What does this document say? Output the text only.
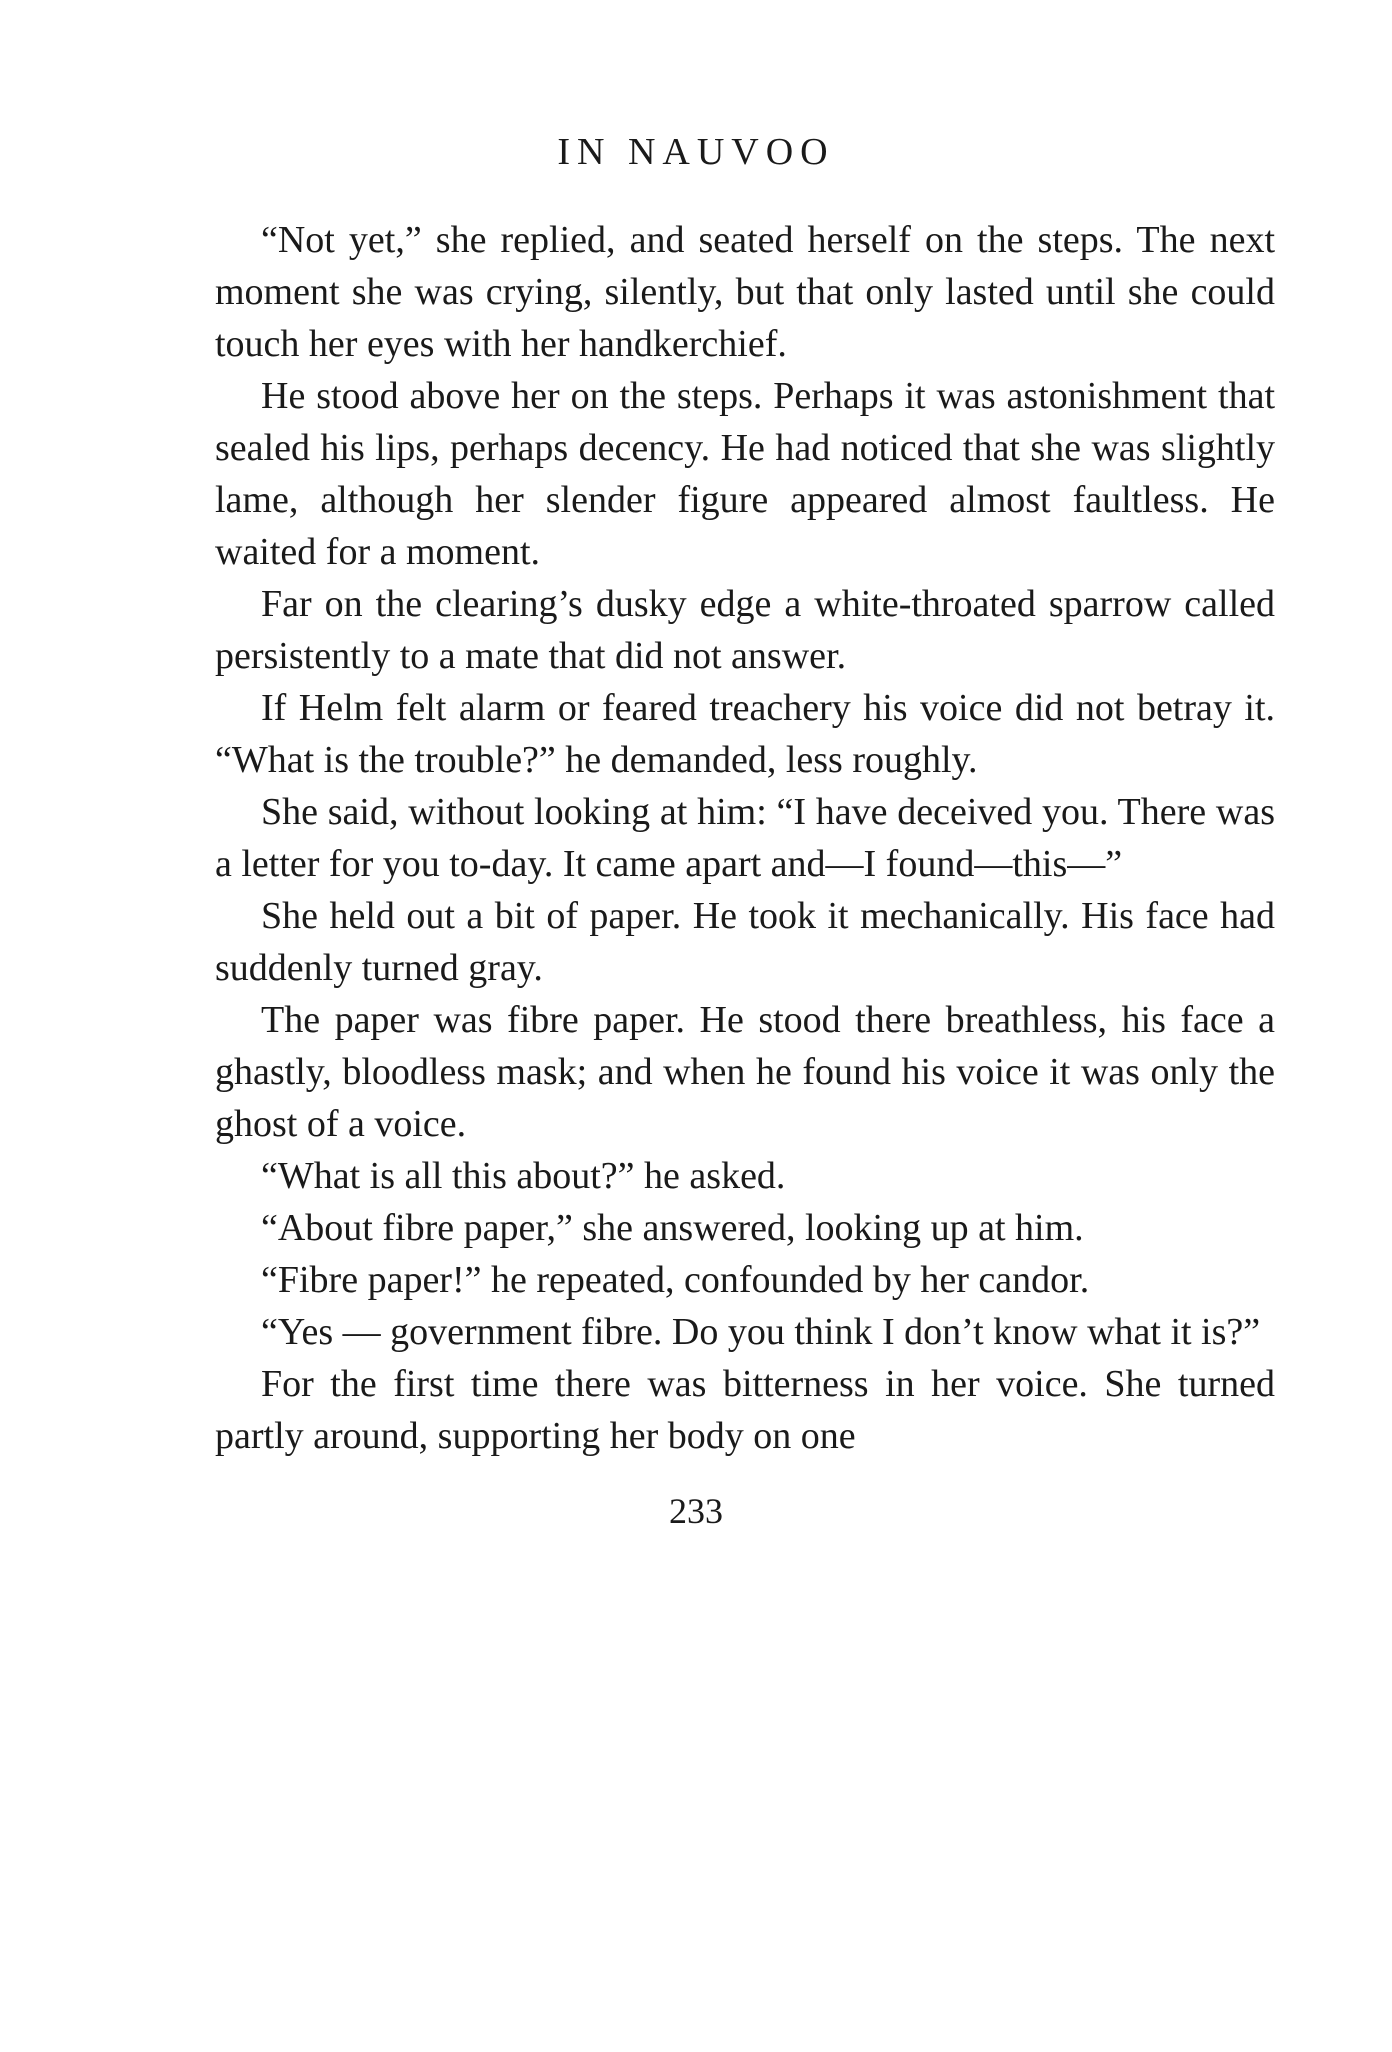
IN NAUVOO

“Not yet,” she replied, and seated herself on the steps. The next moment she was crying, silently, but that only lasted until she could touch her eyes with her handkerchief.

He stood above her on the steps. Perhaps it was astonishment that sealed his lips, perhaps decency. He had noticed that she was slightly lame, although her slender figure appeared almost faultless. He waited for a moment.

Far on the clearing’s dusky edge a white-throated sparrow called persistently to a mate that did not answer.

If Helm felt alarm or feared treachery his voice did not betray it. “What is the trouble?” he demanded, less roughly.

She said, without looking at him: “I have deceived you. There was a letter for you to-day. It came apart and—I found—this—”

She held out a bit of paper. He took it mechanically. His face had suddenly turned gray.

The paper was fibre paper. He stood there breathless, his face a ghastly, bloodless mask; and when he found his voice it was only the ghost of a voice.

“What is all this about?” he asked.

“About fibre paper,” she answered, looking up at him.

“Fibre paper!” he repeated, confounded by her candor.

“Yes — government fibre. Do you think I don’t know what it is?”

For the first time there was bitterness in her voice. She turned partly around, supporting her body on one

233
